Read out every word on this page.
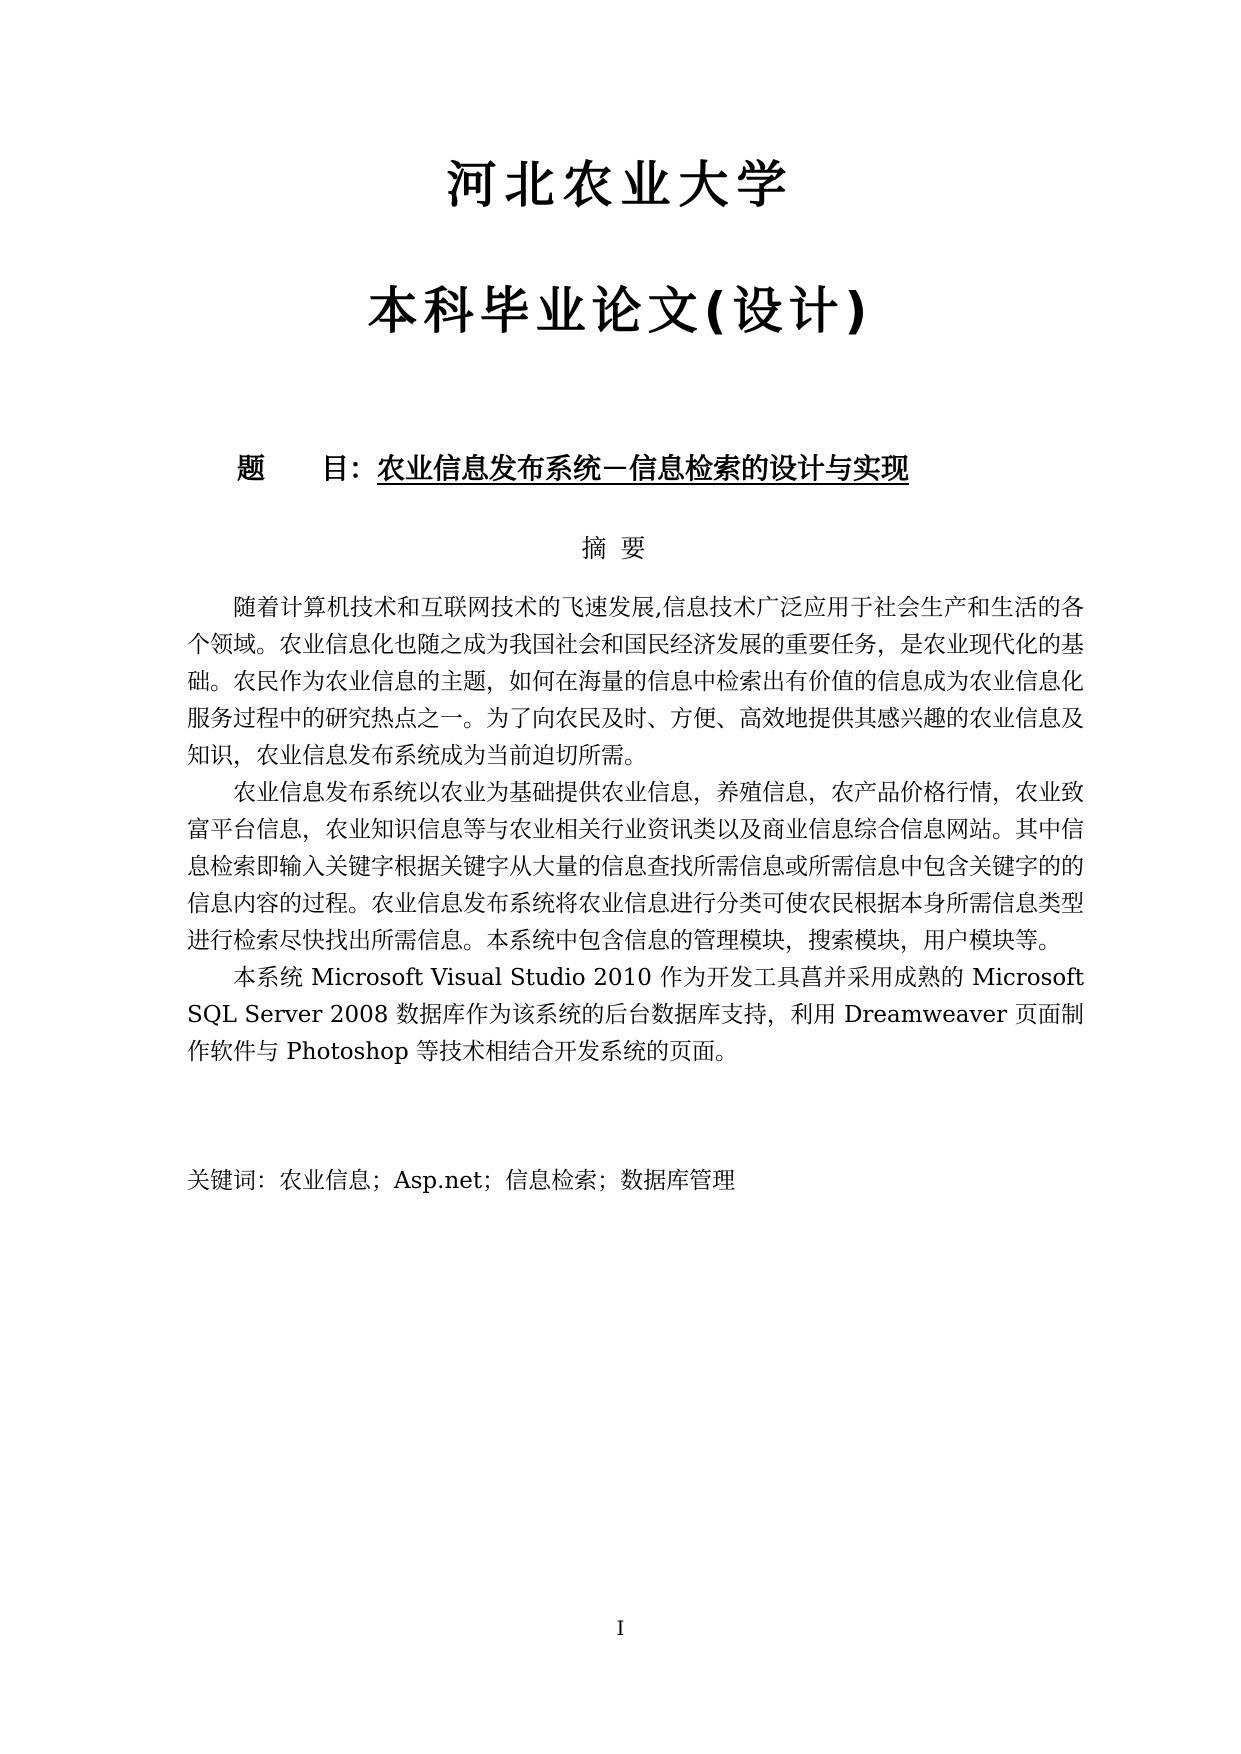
河北农业大学
本科毕业论文(设计)
题 目：农业信息发布系统－信息检索的设计与实现
摘要

随着计算机技术和互联网技术的飞速发展,信息技术广泛应用于社会生产和生活的各个领域。农业信息化也随之成为我国社会和国民经济发展的重要任务，是农业现代化的基础。农民作为农业信息的主题，如何在海量的信息中检索出有价值的信息成为农业信息化服务过程中的研究热点之一。为了向农民及时、方便、高效地提供其感兴趣的农业信息及知识，农业信息发布系统成为当前迫切所需。

农业信息发布系统以农业为基础提供农业信息，养殖信息，农产品价格行情，农业致富平台信息，农业知识信息等与农业相关行业资讯类以及商业信息综合信息网站。其中信息检索即输入关键字根据关键字从大量的信息查找所需信息或所需信息中包含关键字的的信息内容的过程。农业信息发布系统将农业信息进行分类可使农民根据本身所需信息类型进行检索尽快找出所需信息。本系统中包含信息的管理模块，搜索模块，用户模块等。

本系统 Microsoft Visual Studio 2010 作为开发工具菖并采用成熟的 Microsoft SQL Server 2008 数据库作为该系统的后台数据库支持，利用 Dreamweaver 页面制作软件与 Photoshop 等技术相结合开发系统的页面。

关键词：农业信息；Asp.net；信息检索；数据库管理
I
